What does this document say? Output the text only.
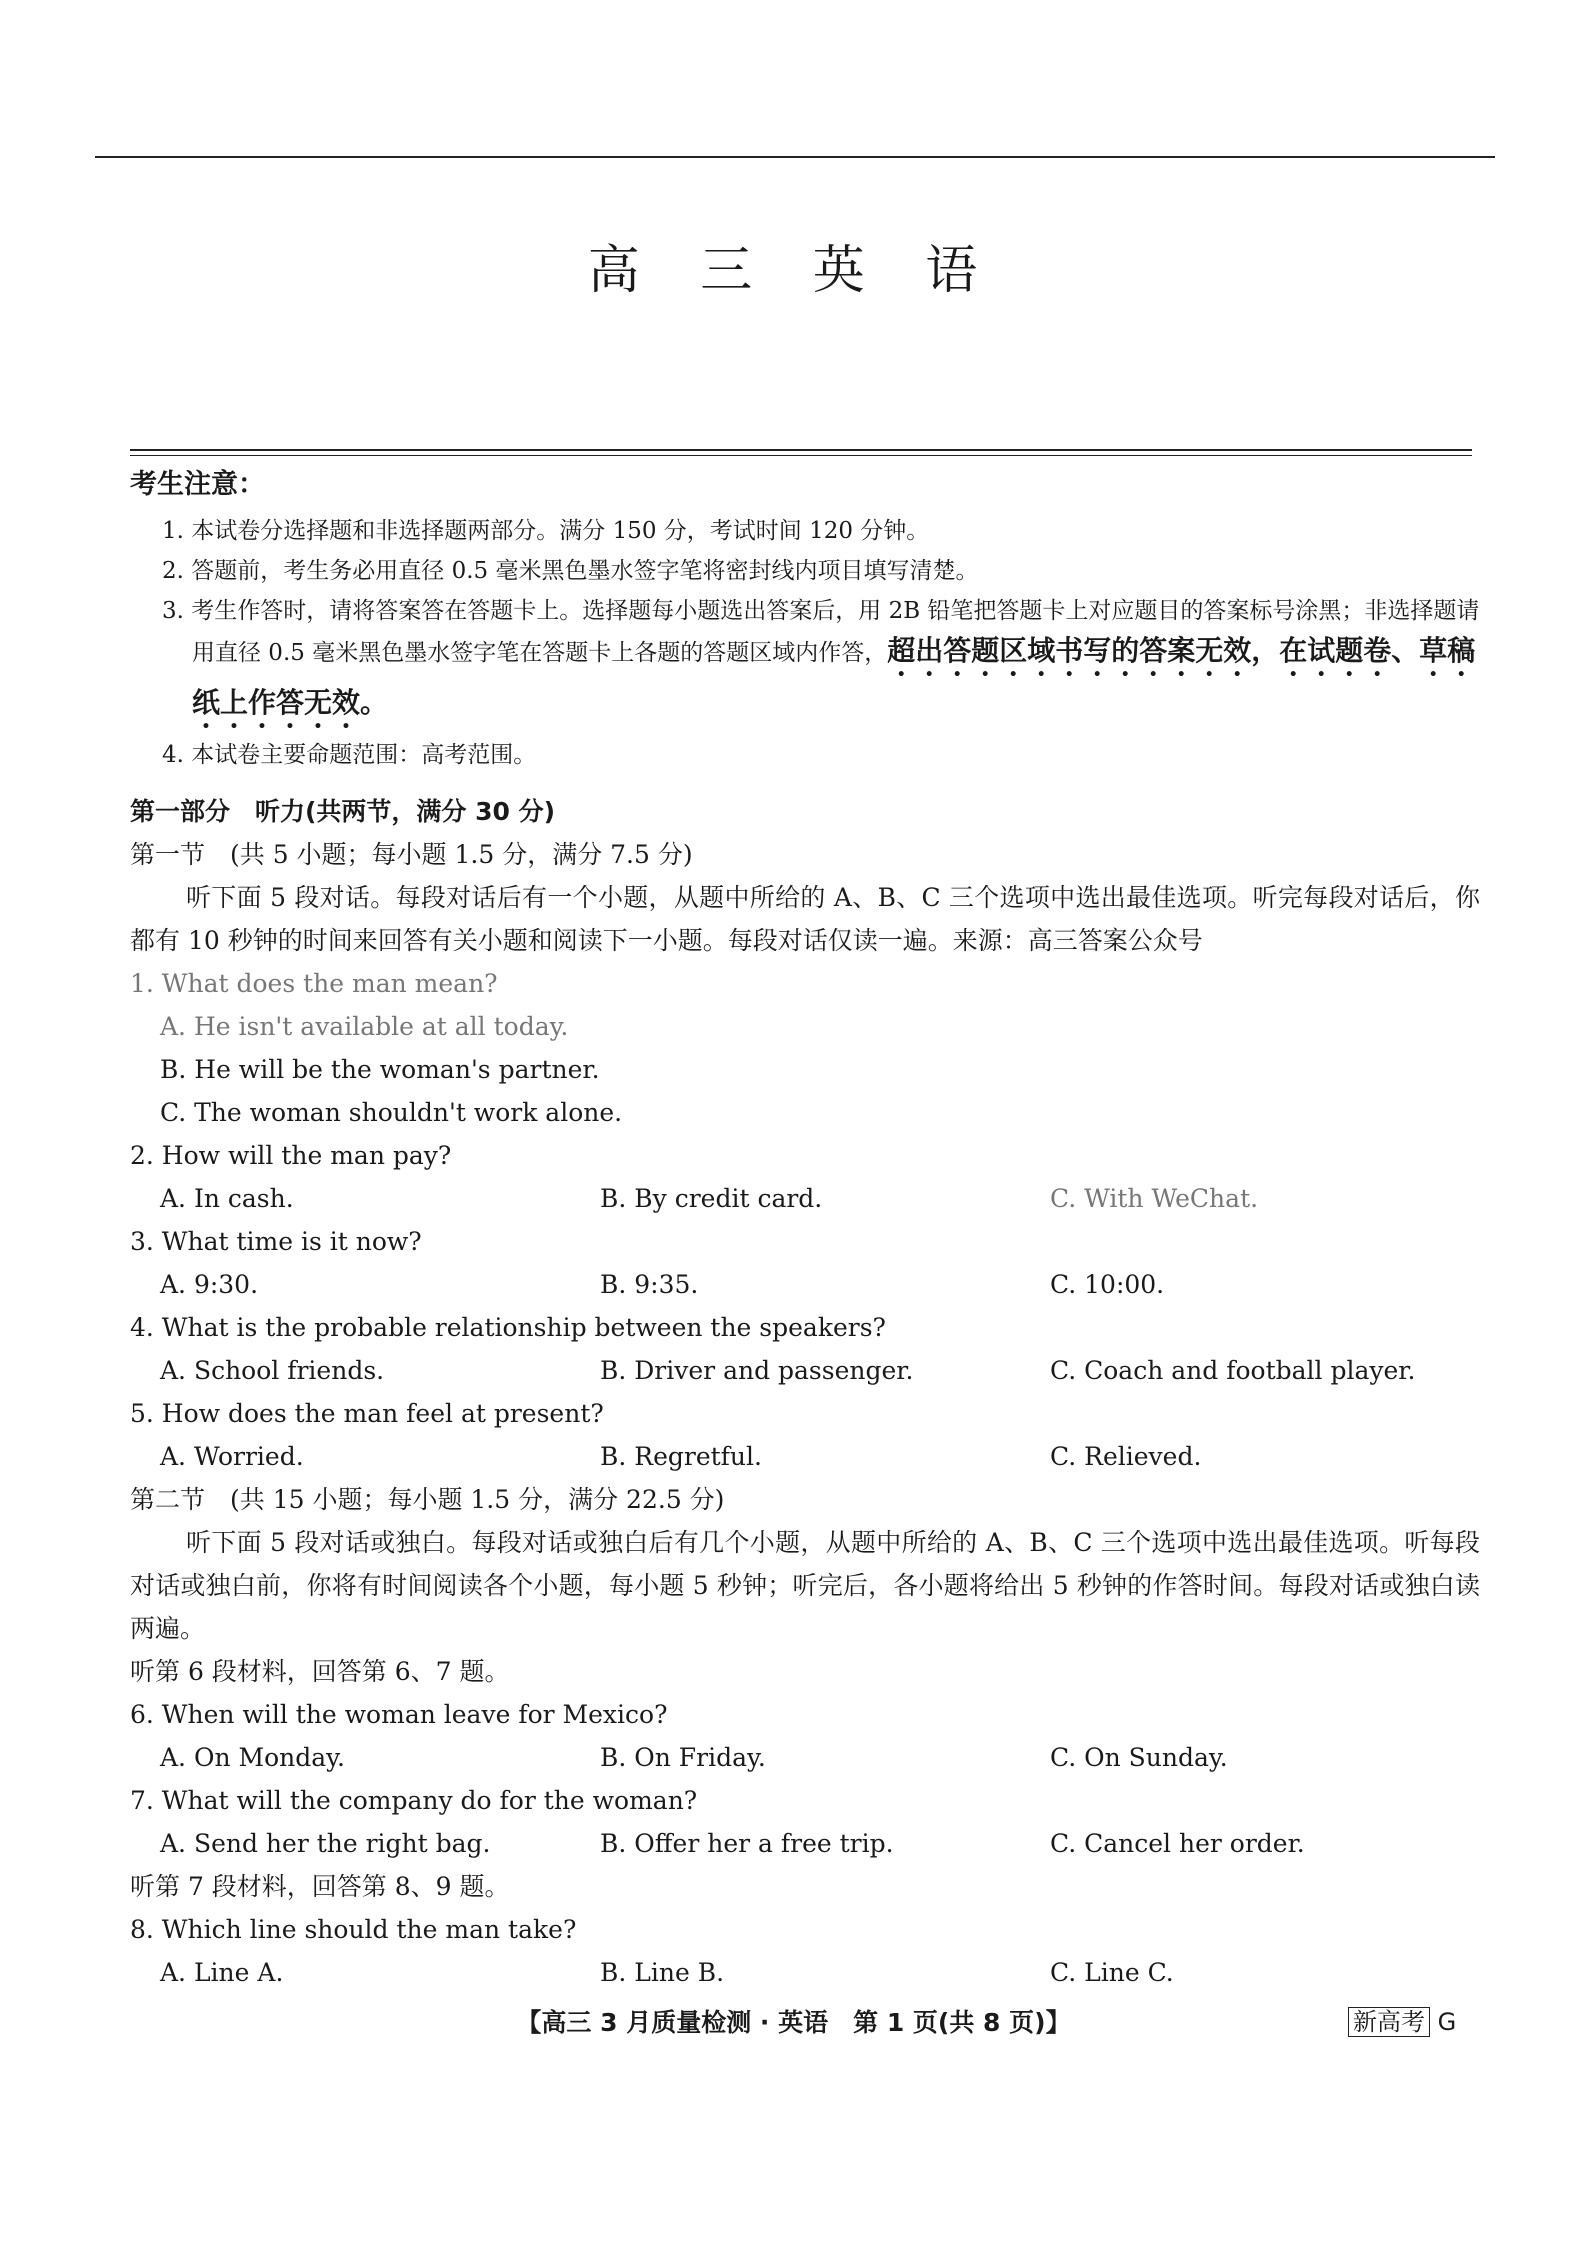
高 三 英 语
考生注意：
1. 本试卷分选择题和非选择题两部分。满分 150 分，考试时间 120 分钟。
2. 答题前，考生务必用直径 0.5 毫米黑色墨水签字笔将密封线内项目填写清楚。
3. 考生作答时，请将答案答在答题卡上。选择题每小题选出答案后，用 2B 铅笔把答题卡上对应题目的答案标号涂黑；非选择题请用直径 0.5 毫米黑色墨水签字笔在答题卡上各题的答题区域内作答，超出答题区域书写的答案无效，在试题卷、草稿纸上作答无效。
4. 本试卷主要命题范围：高考范围。
第一部分　听力(共两节，满分 30 分)
第一节　(共 5 小题；每小题 1.5 分，满分 7.5 分)
听下面 5 段对话。每段对话后有一个小题，从题中所给的 A、B、C 三个选项中选出最佳选项。听完每段对话后，你都有 10 秒钟的时间来回答有关小题和阅读下一小题。每段对话仅读一遍。来源：高三答案公众号
1. What does the man mean?
A. He isn't available at all today.
B. He will be the woman's partner.
C. The woman shouldn't work alone.
2. How will the man pay?
A. In cash.	B. By credit card.	C. With WeChat.
3. What time is it now?
A. 9:30.	B. 9:35.	C. 10:00.
4. What is the probable relationship between the speakers?
A. School friends.	B. Driver and passenger.	C. Coach and football player.
5. How does the man feel at present?
A. Worried.	B. Regretful.	C. Relieved.
第二节　(共 15 小题；每小题 1.5 分，满分 22.5 分)
听下面 5 段对话或独白。每段对话或独白后有几个小题，从题中所给的 A、B、C 三个选项中选出最佳选项。听每段对话或独白前，你将有时间阅读各个小题，每小题 5 秒钟；听完后，各小题将给出 5 秒钟的作答时间。每段对话或独白读两遍。
听第 6 段材料，回答第 6、7 题。
6. When will the woman leave for Mexico?
A. On Monday.	B. On Friday.	C. On Sunday.
7. What will the company do for the woman?
A. Send her the right bag.	B. Offer her a free trip.	C. Cancel her order.
听第 7 段材料，回答第 8、9 题。
8. Which line should the man take?
A. Line A.	B. Line B.	C. Line C.
【高三 3 月质量检测 · 英语　第 1 页(共 8 页)】	新高考 G
